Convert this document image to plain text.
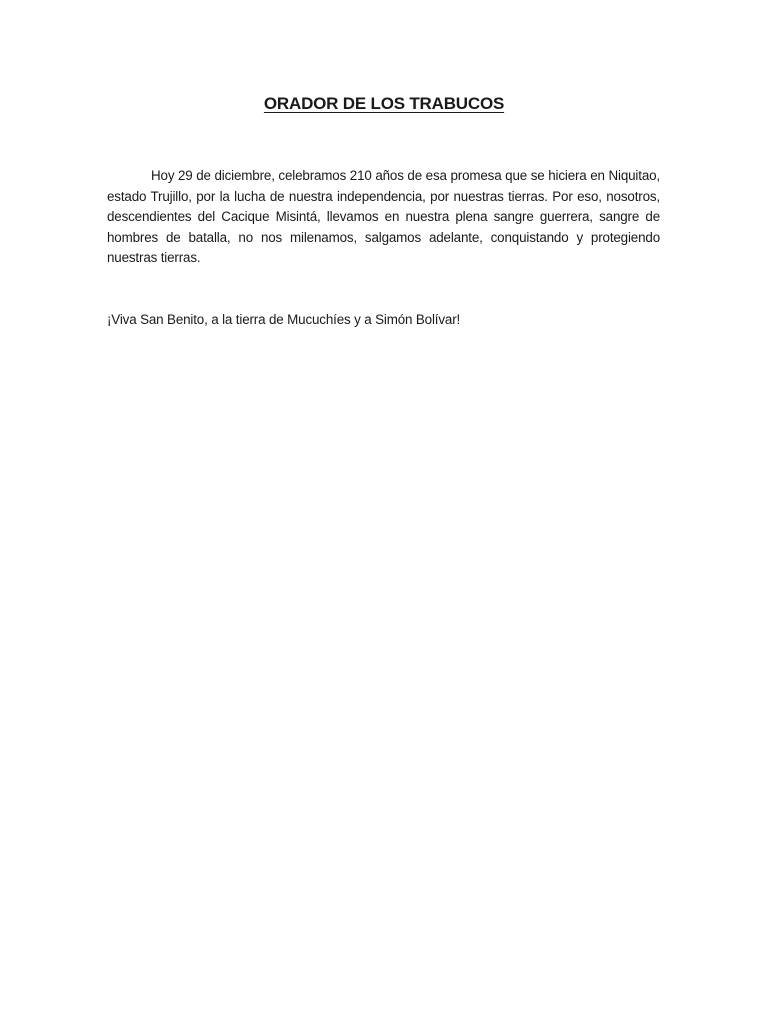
ORADOR DE LOS TRABUCOS

Hoy 29 de diciembre, celebramos 210 años de esa promesa que se hiciera en Niquitao, estado Trujillo, por la lucha de nuestra independencia, por nuestras tierras. Por eso, nosotros, descendientes del Cacique Misintá, llevamos en nuestra plena sangre guerrera, sangre de hombres de batalla, no nos milenamos, salgamos adelante, conquistando y protegiendo nuestras tierras.

¡Viva San Benito, a la tierra de Mucuchíes y a Simón Bolívar!
